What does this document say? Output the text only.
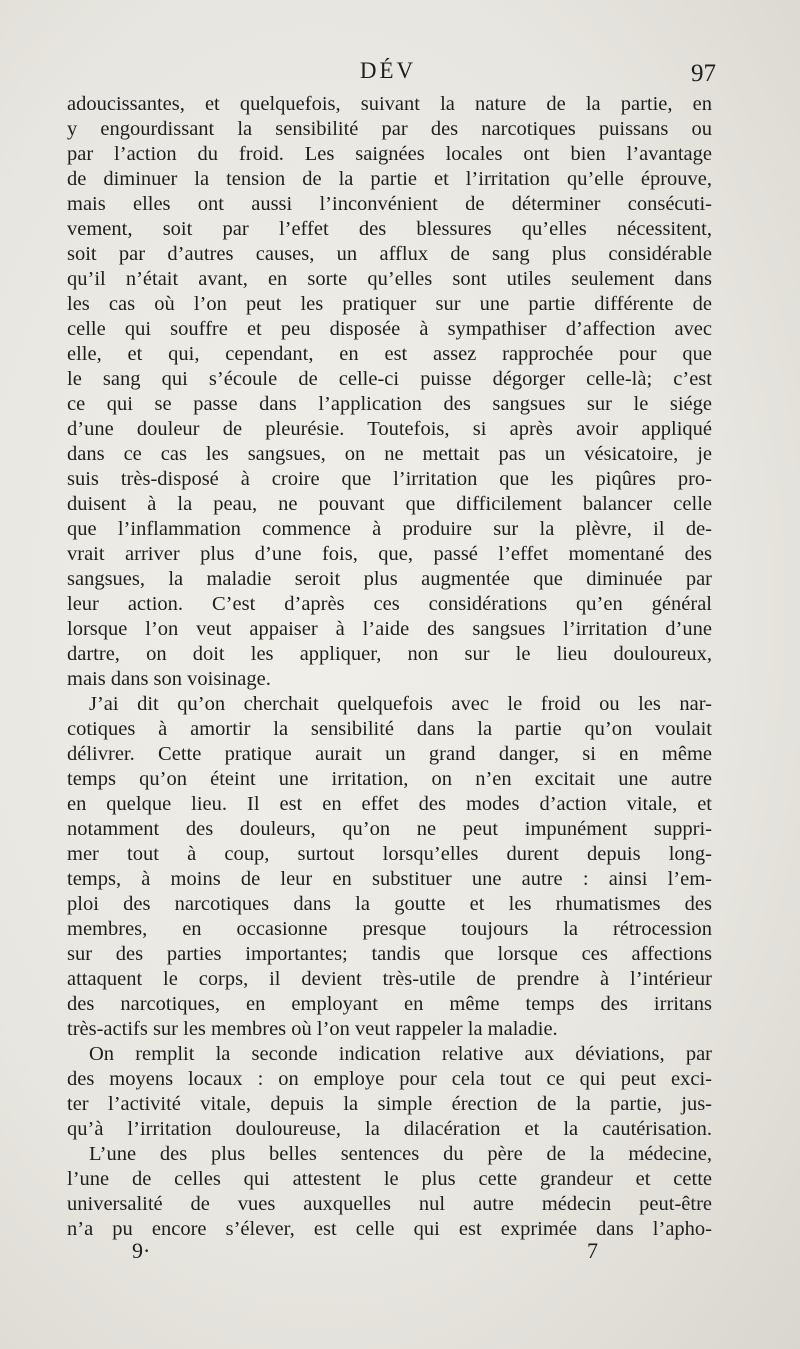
DÉV	97
adoucissantes, et quelquefois, suivant la nature de la partie, en
y engourdissant la sensibilité par des narcotiques puissans ou
par l’action du froid. Les saignées locales ont bien l’avantage
de diminuer la tension de la partie et l’irritation qu’elle éprouve,
mais elles ont aussi l’inconvénient de déterminer consécuti-
vement, soit par l’effet des blessures qu’elles nécessitent,
soit par d’autres causes, un afflux de sang plus considérable
qu’il n’était avant, en sorte qu’elles sont utiles seulement dans
les cas où l’on peut les pratiquer sur une partie différente de
celle qui souffre et peu disposée à sympathiser d’affection avec
elle, et qui, cependant, en est assez rapprochée pour que
le sang qui s’écoule de celle-ci puisse dégorger celle-là; c’est
ce qui se passe dans l’application des sangsues sur le siége
d’une douleur de pleurésie. Toutefois, si après avoir appliqué
dans ce cas les sangsues, on ne mettait pas un vésicatoire, je
suis très-disposé à croire que l’irritation que les piqûres pro-
duisent à la peau, ne pouvant que difficilement balancer celle
que l’inflammation commence à produire sur la plèvre, il de-
vrait arriver plus d’une fois, que, passé l’effet momentané des
sangsues, la maladie seroit plus augmentée que diminuée par
leur action. C’est d’après ces considérations qu’en général
lorsque l’on veut appaiser à l’aide des sangsues l’irritation d’une
dartre, on doit les appliquer, non sur le lieu douloureux,
mais dans son voisinage.
J’ai dit qu’on cherchait quelquefois avec le froid ou les nar-
cotiques à amortir la sensibilité dans la partie qu’on voulait
délivrer. Cette pratique aurait un grand danger, si en même
temps qu’on éteint une irritation, on n’en excitait une autre
en quelque lieu. Il est en effet des modes d’action vitale, et
notamment des douleurs, qu’on ne peut impunément suppri-
mer tout à coup, surtout lorsqu’elles durent depuis long-
temps, à moins de leur en substituer une autre : ainsi l’em-
ploi des narcotiques dans la goutte et les rhumatismes des
membres, en occasionne presque toujours la rétrocession
sur des parties importantes; tandis que lorsque ces affections
attaquent le corps, il devient très-utile de prendre à l’intérieur
des narcotiques, en employant en même temps des irritans
très-actifs sur les membres où l’on veut rappeler la maladie.
On remplit la seconde indication relative aux déviations, par
des moyens locaux : on employe pour cela tout ce qui peut exci-
ter l’activité vitale, depuis la simple érection de la partie, jus-
qu’à l’irritation douloureuse, la dilacération et la cautérisation.
L’une des plus belles sentences du père de la médecine,
l’une de celles qui attestent le plus cette grandeur et cette
universalité de vues auxquelles nul autre médecin peut-être
n’a pu encore s’élever, est celle qui est exprimée dans l’apho-
9·	7
